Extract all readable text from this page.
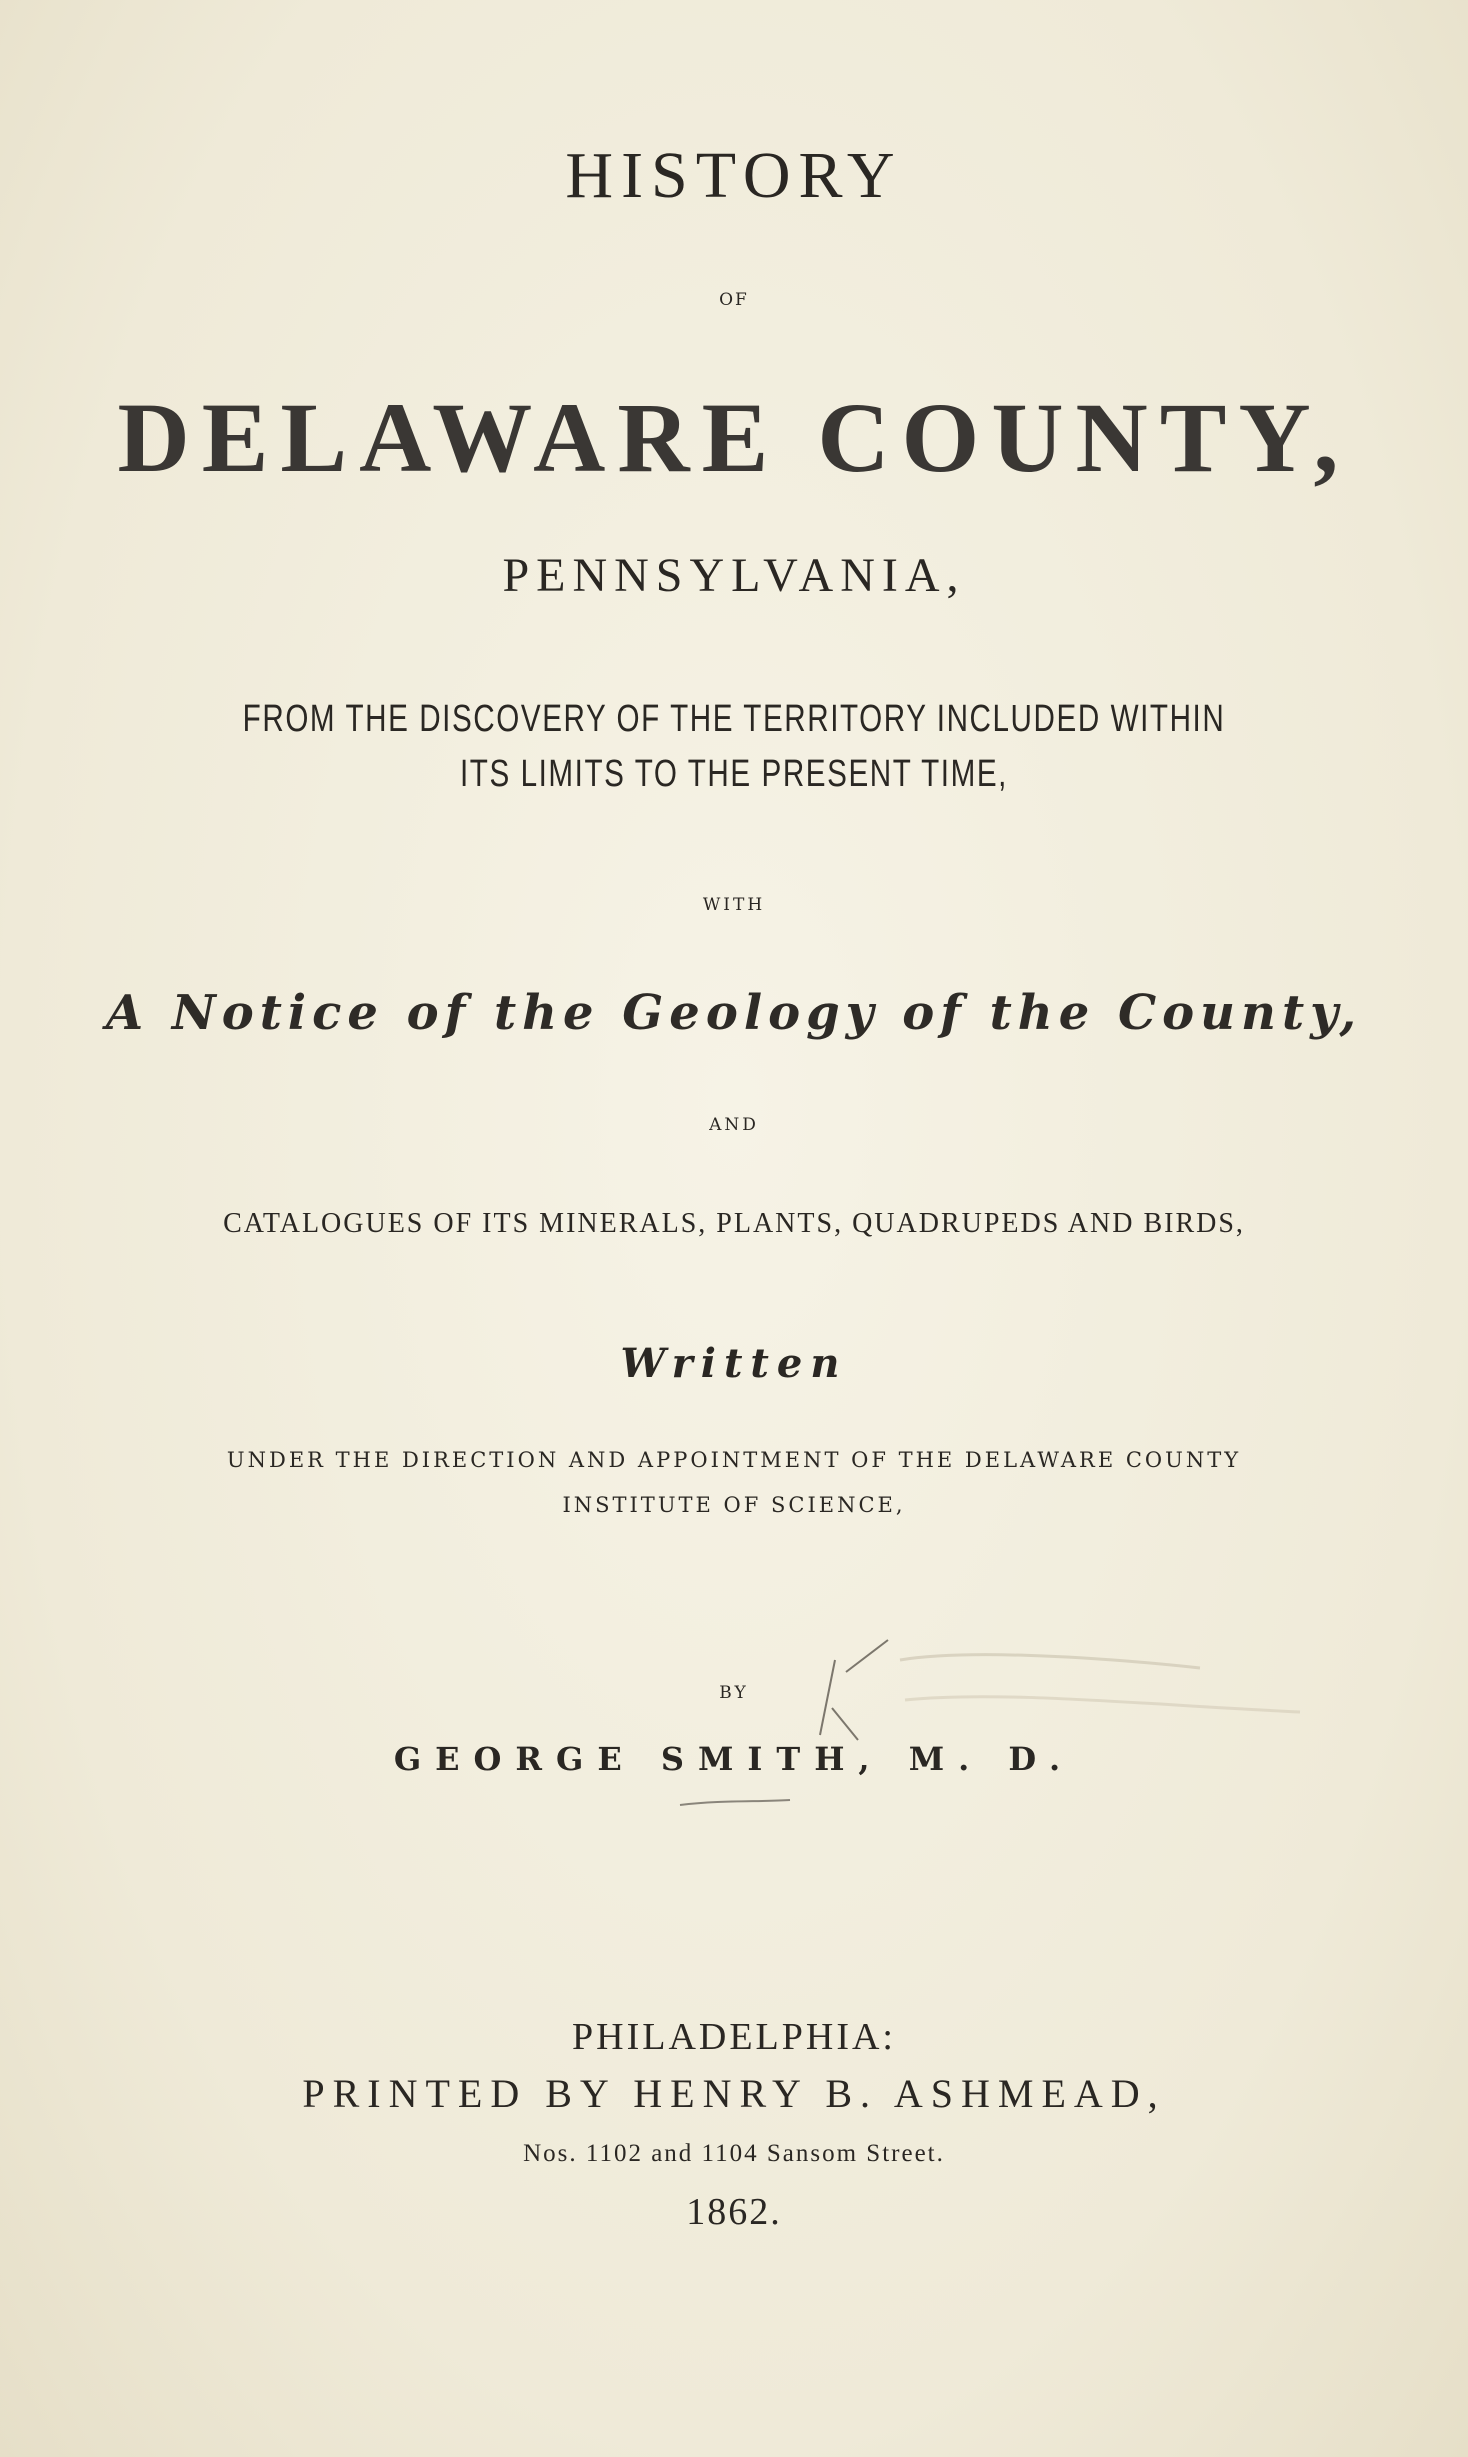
HISTORY
OF
DELAWARE COUNTY,
PENNSYLVANIA,
FROM THE DISCOVERY OF THE TERRITORY INCLUDED WITHIN
ITS LIMITS TO THE PRESENT TIME,
WITH
A Notice of the Geology of the County,
AND
CATALOGUES OF ITS MINERALS, PLANTS, QUADRUPEDS AND BIRDS,
Written
UNDER THE DIRECTION AND APPOINTMENT OF THE DELAWARE COUNTY
INSTITUTE OF SCIENCE,
BY
GEORGE SMITH, M. D.
PHILADELPHIA:
PRINTED BY HENRY B. ASHMEAD,
Nos. 1102 and 1104 Sansom Street.
1862.
